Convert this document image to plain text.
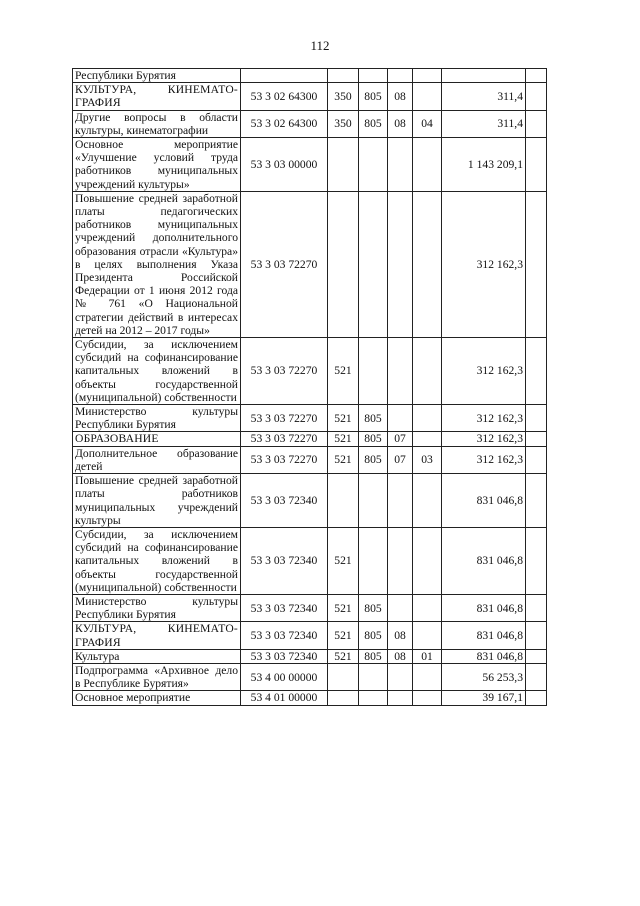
112
Республики Бурятия							
КУЛЬТУРА, КИНЕМАТО-ГРАФИЯ	53 3 02 64300	350	805	08		311,4	
Другие вопросы в области культуры, кинематографии	53 3 02 64300	350	805	08	04	311,4	
Основное мероприятие «Улучшение условий труда работников муниципальных учреждений культуры»	53 3 03 00000					1 143 209,1	
Повышение средней заработной платы педагогических работников муниципальных учреждений дополнительного образования отрасли «Культура» в целях выполнения Указа Президента Российской Федерации от 1 июня 2012 года № 761 «О Национальной стратегии действий в интересах детей на 2012 – 2017 годы»	53 3 03 72270					312 162,3	
Субсидии, за исключением субсидий на софинансирование капитальных вложений в объекты государственной (муниципальной) собственности	53 3 03 72270	521				312 162,3	
Министерство культуры Республики Бурятия	53 3 03 72270	521	805			312 162,3	
ОБРАЗОВАНИЕ	53 3 03 72270	521	805	07		312 162,3	
Дополнительное образование детей	53 3 03 72270	521	805	07	03	312 162,3	
Повышение средней заработной платы работников муниципальных учреждений культуры	53 3 03 72340					831 046,8	
Субсидии, за исключением субсидий на софинансирование капитальных вложений в объекты государственной (муниципальной) собственности	53 3 03 72340	521				831 046,8	
Министерство культуры Республики Бурятия	53 3 03 72340	521	805			831 046,8	
КУЛЬТУРА, КИНЕМАТО-ГРАФИЯ	53 3 03 72340	521	805	08		831 046,8	
Культура	53 3 03 72340	521	805	08	01	831 046,8	
Подпрограмма «Архивное дело в Республике Бурятия»	53 4 00 00000					56 253,3	
Основное мероприятие	53 4 01 00000					39 167,1	
